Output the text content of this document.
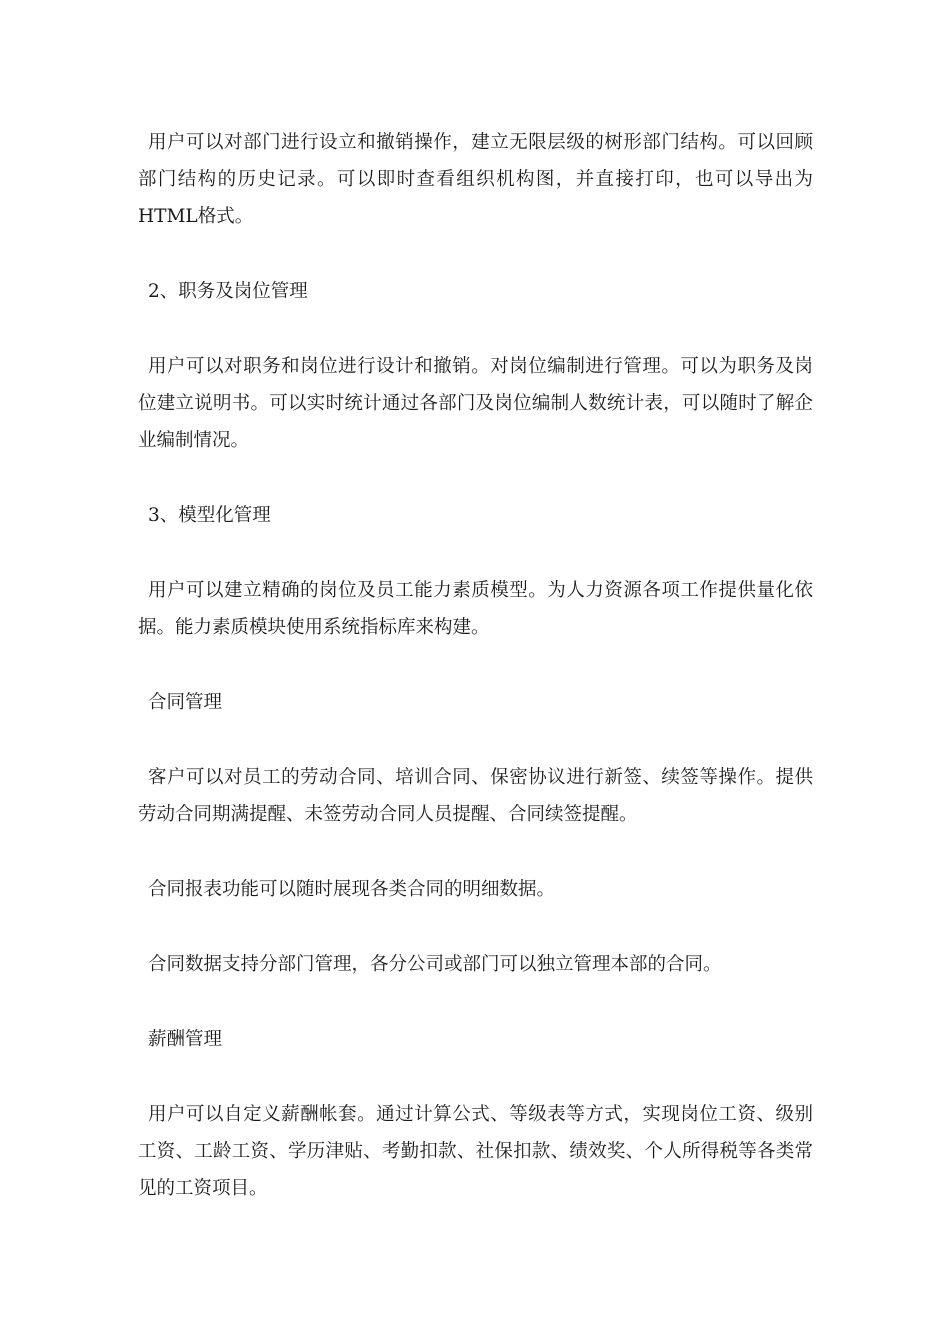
用户可以对部门进行设立和撤销操作，建立无限层级的树形部门结构。可以回顾部门结构的历史记录。可以即时查看组织机构图，并直接打印，也可以导出为HTML格式。

2、职务及岗位管理

用户可以对职务和岗位进行设计和撤销。对岗位编制进行管理。可以为职务及岗位建立说明书。可以实时统计通过各部门及岗位编制人数统计表，可以随时了解企业编制情况。

3、模型化管理

用户可以建立精确的岗位及员工能力素质模型。为人力资源各项工作提供量化依据。能力素质模块使用系统指标库来构建。

合同管理

客户可以对员工的劳动合同、培训合同、保密协议进行新签、续签等操作。提供劳动合同期满提醒、未签劳动合同人员提醒、合同续签提醒。

合同报表功能可以随时展现各类合同的明细数据。

合同数据支持分部门管理，各分公司或部门可以独立管理本部的合同。

薪酬管理

用户可以自定义薪酬帐套。通过计算公式、等级表等方式，实现岗位工资、级别工资、工龄工资、学历津贴、考勤扣款、社保扣款、绩效奖、个人所得税等各类常见的工资项目。
